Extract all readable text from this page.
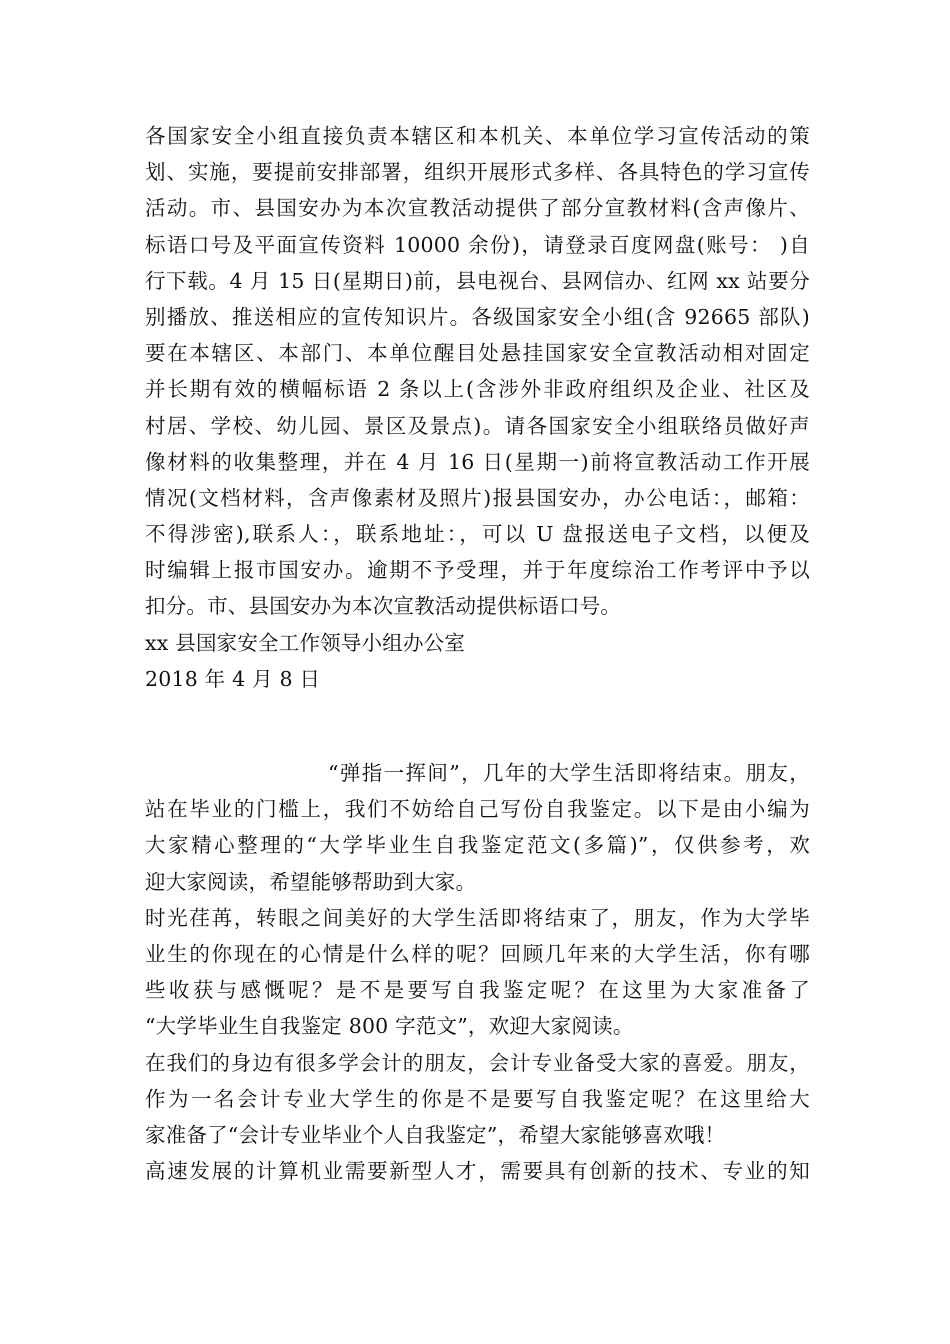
各国家安全小组直接负责本辖区和本机关、本单位学习宣传活动的策
划、实施，要提前安排部署，组织开展形式多样、各具特色的学习宣传
活动。市、县国安办为本次宣教活动提供了部分宣教材料(含声像片、
标语口号及平面宣传资料 10000 余份)，请登录百度网盘(账号： )自
行下载。4 月 15 日(星期日)前，县电视台、县网信办、红网 xx 站要分
别播放、推送相应的宣传知识片。各级国家安全小组(含 92665 部队)
要在本辖区、本部门、本单位醒目处悬挂国家安全宣教活动相对固定
并长期有效的横幅标语 2 条以上(含涉外非政府组织及企业、社区及
村居、学校、幼儿园、景区及景点)。请各国家安全小组联络员做好声
像材料的收集整理，并在 4 月 16 日(星期一)前将宣教活动工作开展
情况(文档材料，含声像素材及照片)报县国安办，办公电话：，邮箱：
不得涉密),联系人：，联系地址：，可以 U 盘报送电子文档，以便及
时编辑上报市国安办。逾期不予受理，并于年度综治工作考评中予以
扣分。市、县国安办为本次宣教活动提供标语口号。
xx 县国家安全工作领导小组办公室
2018 年 4 月 8 日
“弹指一挥间”，几年的大学生活即将结束。朋友，
站在毕业的门槛上，我们不妨给自己写份自我鉴定。以下是由小编为
大家精心整理的“大学毕业生自我鉴定范文(多篇)”，仅供参考，欢
迎大家阅读，希望能够帮助到大家。
时光荏苒，转眼之间美好的大学生活即将结束了，朋友，作为大学毕
业生的你现在的心情是什么样的呢？回顾几年来的大学生活，你有哪
些收获与感慨呢？是不是要写自我鉴定呢？在这里为大家准备了
“大学毕业生自我鉴定 800 字范文”，欢迎大家阅读。
在我们的身边有很多学会计的朋友，会计专业备受大家的喜爱。朋友，
作为一名会计专业大学生的你是不是要写自我鉴定呢？在这里给大
家准备了“会计专业毕业个人自我鉴定”，希望大家能够喜欢哦！
高速发展的计算机业需要新型人才，需要具有创新的技术、专业的知
